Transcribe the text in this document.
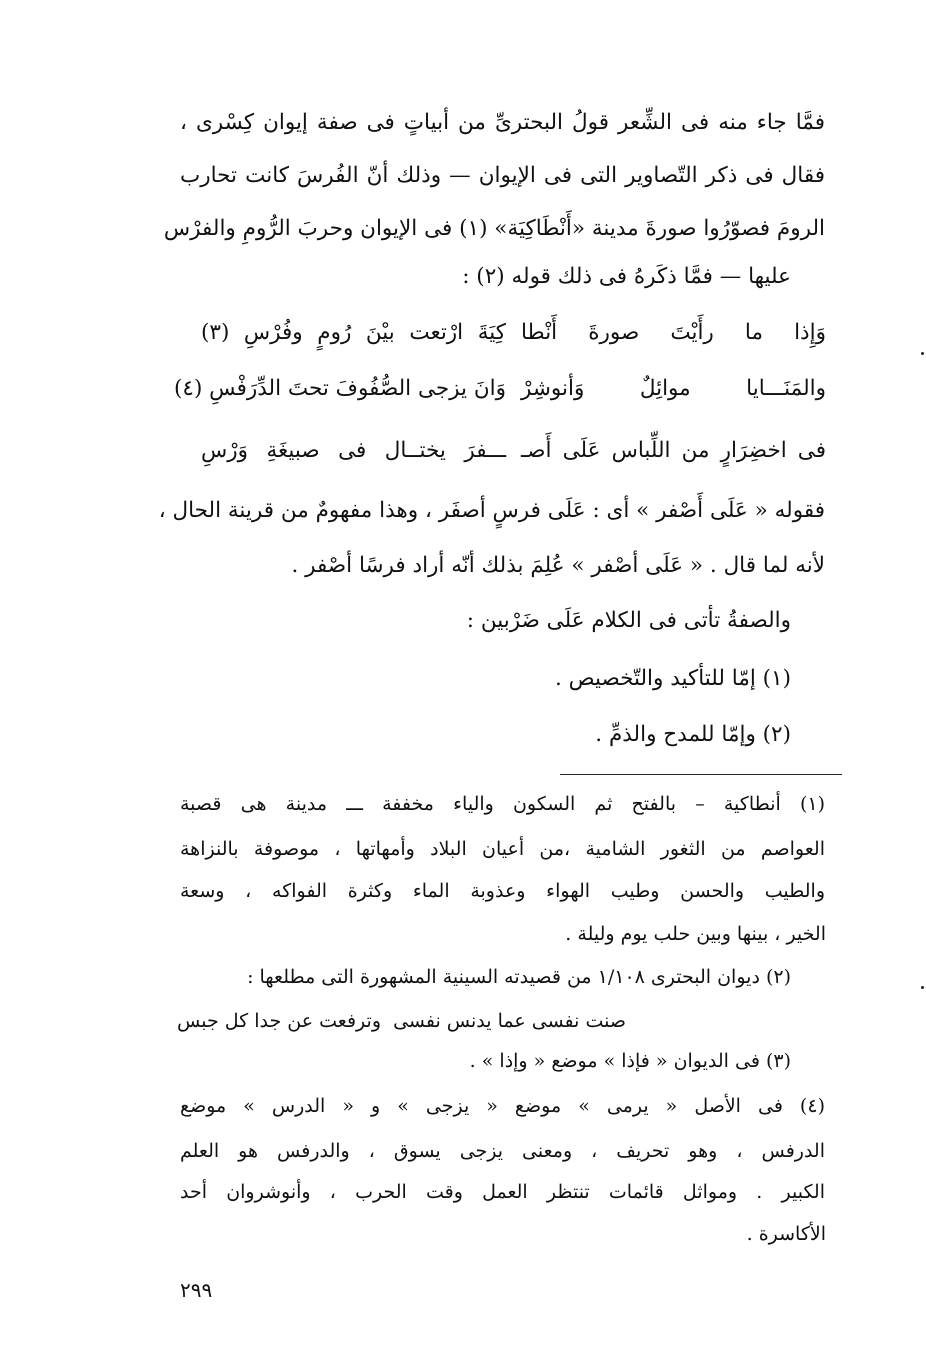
فمَّا جاء منه فى الشِّعر قولُ البحترىِّ من أبياتٍ فى صفة إيوان كِسْرى ،
فقال فى ذكر التّصاوير التى فى الإيوان — وذلك أنّ الفُرسَ كانت تحارب
الرومَ فصوّرُوا صورةَ مدينة «أَنْطَاكِيَة» (١) فى الإيوان وحربَ الرُّومِ والفرْس
عليها — فمَّا ذكَرهُ فى ذلك قوله (٢) :
وَإِذا ما رأَيْتَ صورةَ أَنْطا
كِيَةَ ارْتعت بيْنَ رُومٍ وفُرْسِ (٣)
والمَنَـــايا موائِلٌ وَأنوشِرْ
وَانَ يزجى الصُّفُوفَ تحتَ الدِّرَفْسِ (٤)
فى اخضِرَارٍ من اللِّباس عَلَى أَصـ
ـــفرَ يختــال فى صبيغَةِ وَرْسِ
فقوله « عَلَى أَصْفر » أى : عَلَى فرسٍ أصفَر ، وهذا مفهومٌ من قرينة الحال ،
لأنه لما قال . « عَلَى أصْفر » عُلِمَ بذلك أنّه أراد فرسًا أصْفر .
والصفةُ تأتى فى الكلام عَلَى ضَرْبين :
(١) إمّا للتأكيد والتّخصيص .
(٢) وإمّا للمدح والذمِّ .
(١) أنطاكية – بالفتح ثم السكون والياء مخففة ـــ مدينة هى قصبة
العواصم من الثغور الشامية ،من أعيان البلاد وأمهاتها ، موصوفة بالنزاهة
والطيب والحسن وطيب الهواء وعذوبة الماء وكثرة الفواكه ، وسعة
الخير ، بينها وبين حلب يوم وليلة .
(٢) ديوان البحترى ١/١٠٨ من قصيدته السينية المشهورة التى مطلعها :
صنت نفسى عما يدنس نفسى
وترفعت عن جدا كل جبس
(٣) فى الديوان « فإذا » موضع « وإذا » .
(٤) فى الأصل « يرمى » موضع « يزجى » و « الدرس » موضع
الدرفس ، وهو تحريف ، ومعنى يزجى يسوق ، والدرفس هو العلم
الكبير . ومواثل قائمات تنتظر العمل وقت الحرب ، وأنوشروان أحد
الأكاسرة .
٢٩٩
